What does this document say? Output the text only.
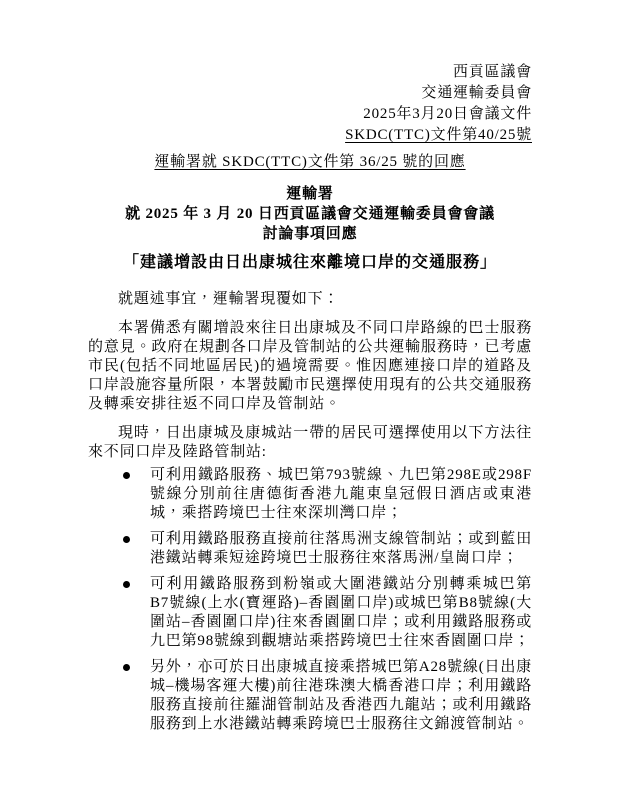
西貢區議會
交通運輸委員會
2025年3月20日會議文件
SKDC(TTC)文件第40/25號
運輸署就 SKDC(TTC)文件第 36/25 號的回應
運輸署
就 2025 年 3 月 20 日西貢區議會交通運輸委員會會議
討論事項回應
「建議增設由日出康城往來離境口岸的交通服務」

就題述事宜，運輸署現覆如下：

本署備悉有關增設來往日出康城及不同口岸路線的巴士服務的意見。政府在規劃各口岸及管制站的公共運輸服務時，已考慮市民(包括不同地區居民)的過境需要。惟因應連接口岸的道路及口岸設施容量所限，本署鼓勵市民選擇使用現有的公共交通服務及轉乘安排往返不同口岸及管制站。

現時，日出康城及康城站一帶的居民可選擇使用以下方法往來不同口岸及陸路管制站:

可利用鐵路服務、城巴第793號線、九巴第298E或298F號線分別前往唐德街香港九龍東皇冠假日酒店或東港城，乘搭跨境巴士往來深圳灣口岸；
可利用鐵路服務直接前往落馬洲支線管制站；或到藍田港鐵站轉乘短途跨境巴士服務往來落馬洲/皇崗口岸；
可利用鐵路服務到粉嶺或大圍港鐵站分別轉乘城巴第B7號線(上水(寶運路)–香園圍口岸)或城巴第B8號線(大圍站–香園圍口岸)往來香園圍口岸；或利用鐵路服務或九巴第98號線到觀塘站乘搭跨境巴士往來香園圍口岸；
另外，亦可於日出康城直接乘搭城巴第A28號線(日出康城–機場客運大樓)前往港珠澳大橋香港口岸；利用鐵路服務直接前往羅湖管制站及香港西九龍站；或利用鐵路服務到上水港鐵站轉乘跨境巴士服務往文錦渡管制站。
